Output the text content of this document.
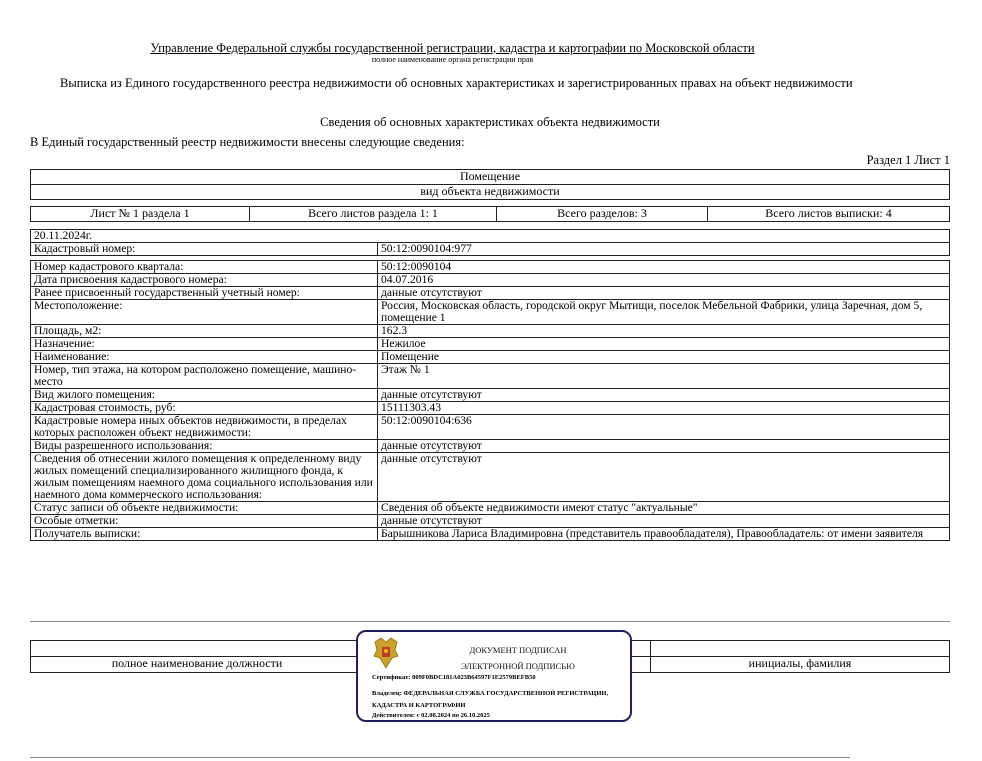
Управление Федеральной службы государственной регистрации, кадастра и картографии по Московской области
полное наименование органа регистрации прав
Выписка из Единого государственного реестра недвижимости об основных характеристиках и зарегистрированных правах на объект недвижимости
Сведения об основных характеристиках объекта недвижимости
В Единый государственный реестр недвижимости внесены следующие сведения:
Раздел 1 Лист 1
Помещение
вид объекта недвижимости
Лист № 1 раздела 1	Всего листов раздела 1: 1	Всего разделов: 3	Всего листов выписки: 4
20.11.2024г.	
Кадастровый номер:	50:12:0090104:977

Номер кадастрового квартала:	50:12:0090104
Дата присвоения кадастрового номера:	04.07.2016
Ранее присвоенный государственный учетный номер:	данные отсутствуют
Местоположение:	Россия, Московская область, городской округ Мытищи, поселок Мебельной Фабрики, улица Заречная, дом 5, помещение 1
Площадь, м2:	162.3
Назначение:	Нежилое
Наименование:	Помещение
Номер, тип этажа, на котором расположено помещение, машино-место	Этаж № 1
Вид жилого помещения:	данные отсутствуют
Кадастровая стоимость, руб:	15111303.43
Кадастровые номера иных объектов недвижимости, в пределах которых расположен объект недвижимости:	50:12:0090104:636
Виды разрешенного использования:	данные отсутствуют
Сведения об отнесении жилого помещения к определенному виду жилых помещений специализированного жилищного фонда, к жилым помещениям наемного дома социального использования или наемного дома коммерческого использования:	данные отсутствуют
Статус записи об объекте недвижимости:	Сведения об объекте недвижимости имеют статус "актуальные"
Особые отметки:	данные отсутствуют
Получатель выписки:	Барышникова Лариса Владимировна (представитель правообладателя), Правообладатель: от имени заявителя

полное наименование должности		инициалы, фамилия
ДОКУМЕНТ ПОДПИСАН
ЭЛЕКТРОННОЙ ПОДПИСЬЮ
Сертификат: 009F0BDC181A023B64597F1E2579BEFB50
Владелец: ФЕДЕРАЛЬНАЯ СЛУЖБА ГОСУДАРСТВЕННОЙ РЕГИСТРАЦИИ, КАДАСТРА И КАРТОГРАФИИ
Действителен: с 02.08.2024 по 26.10.2025
